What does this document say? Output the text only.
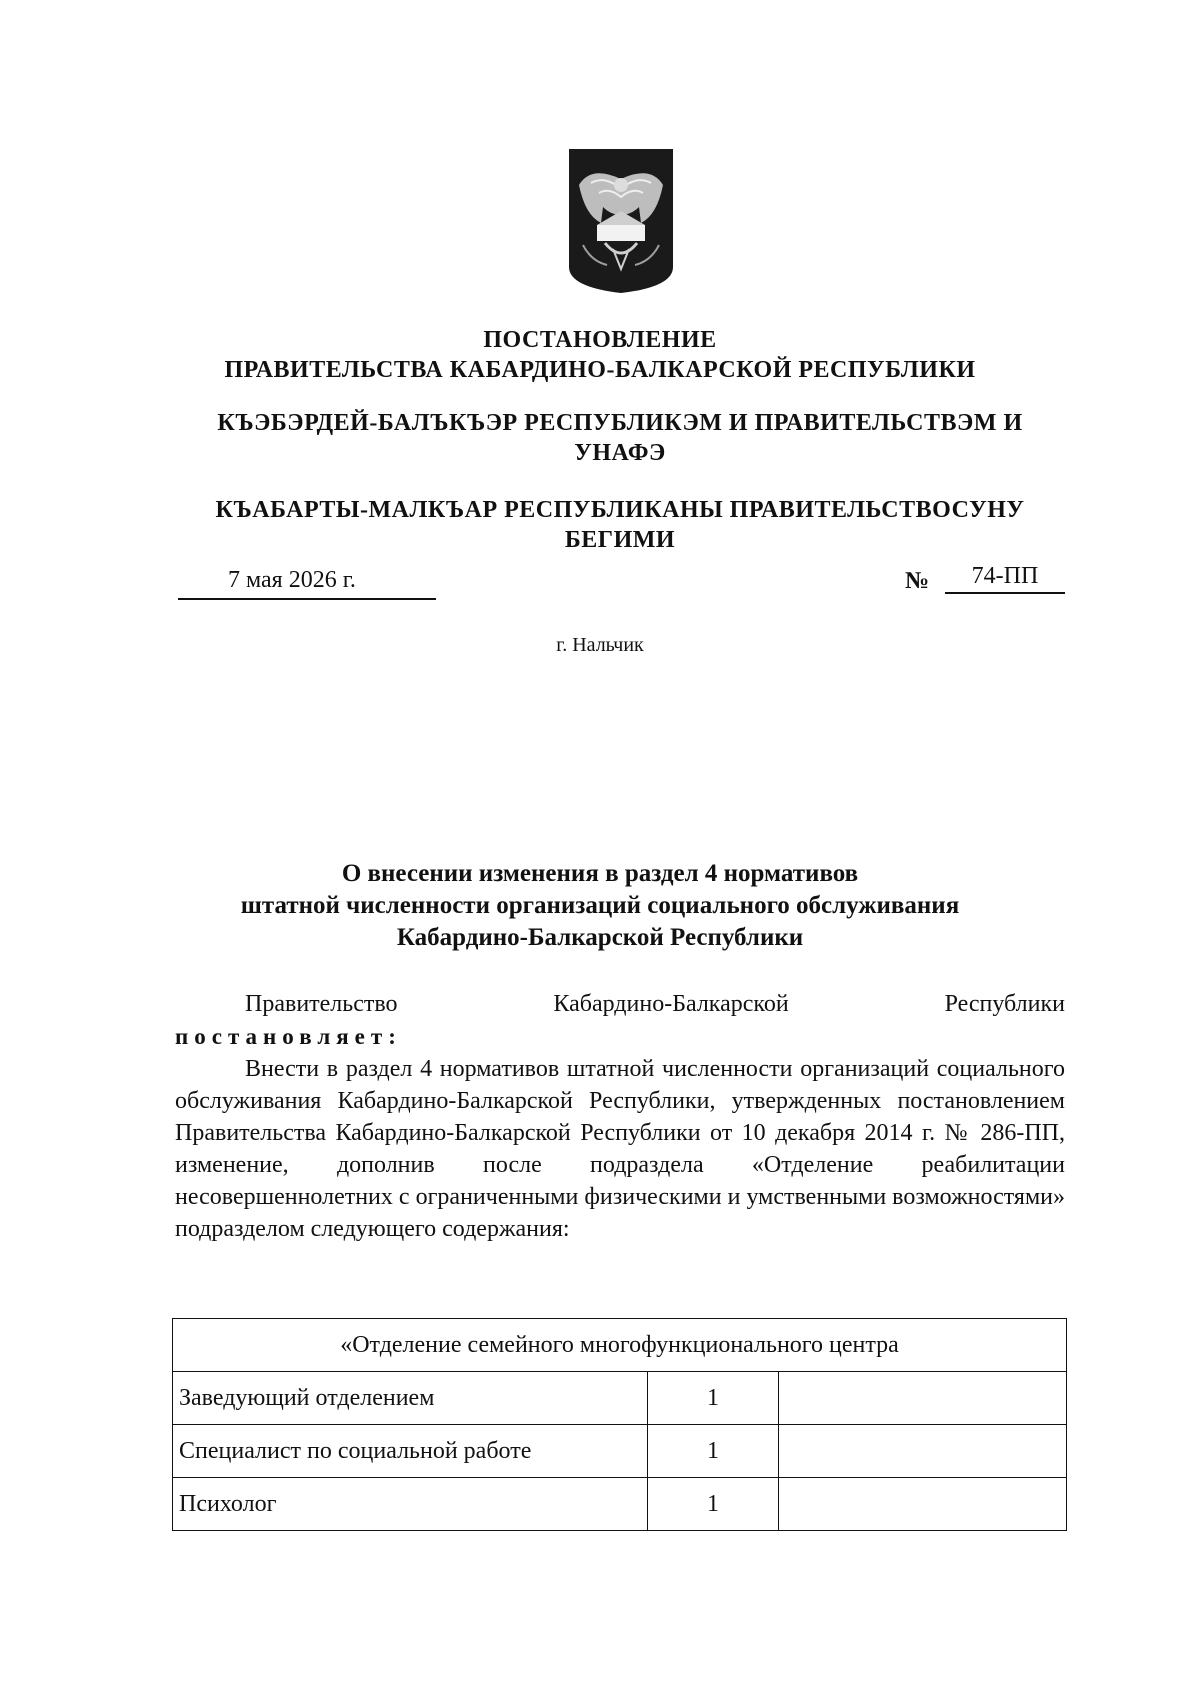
ПОСТАНОВЛЕНИЕ
ПРАВИТЕЛЬСТВА КАБАРДИНО-БАЛКАРСКОЙ РЕСПУБЛИКИ
КЪЭБЭРДЕЙ-БАЛЪКЪЭР РЕСПУБЛИКЭМ И ПРАВИТЕЛЬСТВЭМ И
УНАФЭ
КЪАБАРТЫ-МАЛКЪАР РЕСПУБЛИКАНЫ ПРАВИТЕЛЬСТВОСУНУ
БЕГИМИ
7 мая 2026 г.	№	74-ПП
г. Нальчик
О внесении изменения в раздел 4 нормативов
штатной численности организаций социального обслуживания
Кабардино-Балкарской Республики
Правительство	Кабардино-Балкарской	Республики
постановляет:
Внести в раздел 4 нормативов штатной численности организаций социального обслуживания Кабардино-Балкарской Республики, утвержденных постановлением Правительства Кабардино-Балкарской Республики от 10 декабря 2014 г. № 286-ПП, изменение, дополнив после подраздела «Отделение реабилитации несовершеннолетних с ограниченными физическими и умственными возможностями» подразделом следующего содержания:
«Отделение семейного многофункционального центра		
Заведующий отделением	1	
Специалист по социальной работе	1	
Психолог	1	
